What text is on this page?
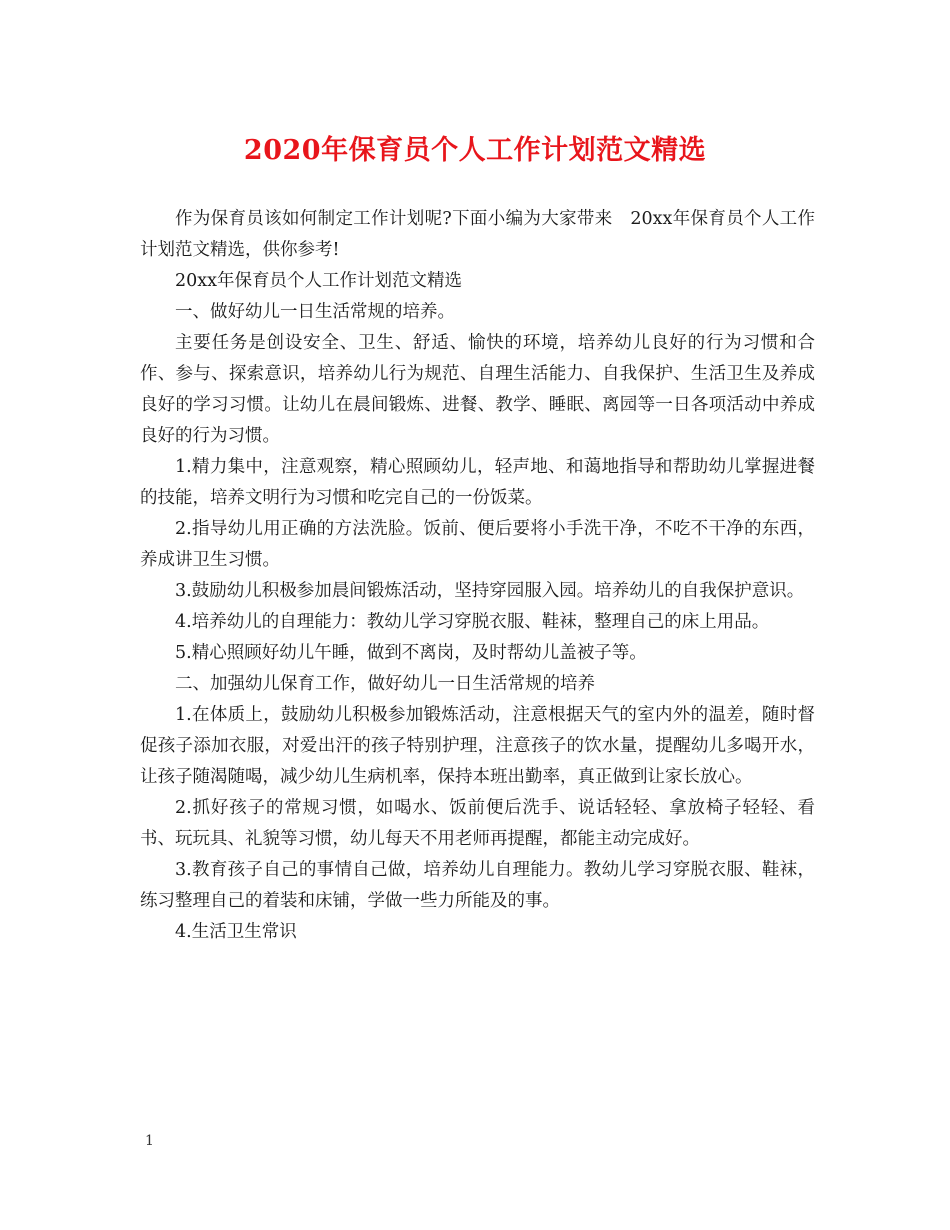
2020年保育员个人工作计划范文精选

作为保育员该如何制定工作计划呢?下面小编为大家带来　20xx年保育员个人工作计划范文精选，供你参考!

20xx年保育员个人工作计划范文精选

一、做好幼儿一日生活常规的培养。

主要任务是创设安全、卫生、舒适、愉快的环境，培养幼儿良好的行为习惯和合作、参与、探索意识，培养幼儿行为规范、自理生活能力、自我保护、生活卫生及养成良好的学习习惯。让幼儿在晨间锻炼、进餐、教学、睡眠、离园等一日各项活动中养成良好的行为习惯。

1.精力集中，注意观察，精心照顾幼儿，轻声地、和蔼地指导和帮助幼儿掌握进餐的技能，培养文明行为习惯和吃完自己的一份饭菜。

2.指导幼儿用正确的方法洗脸。饭前、便后要将小手洗干净，不吃不干净的东西，养成讲卫生习惯。

3.鼓励幼儿积极参加晨间锻炼活动，坚持穿园服入园。培养幼儿的自我保护意识。

4.培养幼儿的自理能力：教幼儿学习穿脱衣服、鞋袜，整理自己的床上用品。

5.精心照顾好幼儿午睡，做到不离岗，及时帮幼儿盖被子等。

二、加强幼儿保育工作，做好幼儿一日生活常规的培养

1.在体质上，鼓励幼儿积极参加锻炼活动，注意根据天气的室内外的温差，随时督促孩子添加衣服，对爱出汗的孩子特别护理，注意孩子的饮水量，提醒幼儿多喝开水，让孩子随渴随喝，减少幼儿生病机率，保持本班出勤率，真正做到让家长放心。

2.抓好孩子的常规习惯，如喝水、饭前便后洗手、说话轻轻、拿放椅子轻轻、看书、玩玩具、礼貌等习惯，幼儿每天不用老师再提醒，都能主动完成好。

3.教育孩子自己的事情自己做，培养幼儿自理能力。教幼儿学习穿脱衣服、鞋袜，练习整理自己的着装和床铺，学做一些力所能及的事。

4.生活卫生常识

1
